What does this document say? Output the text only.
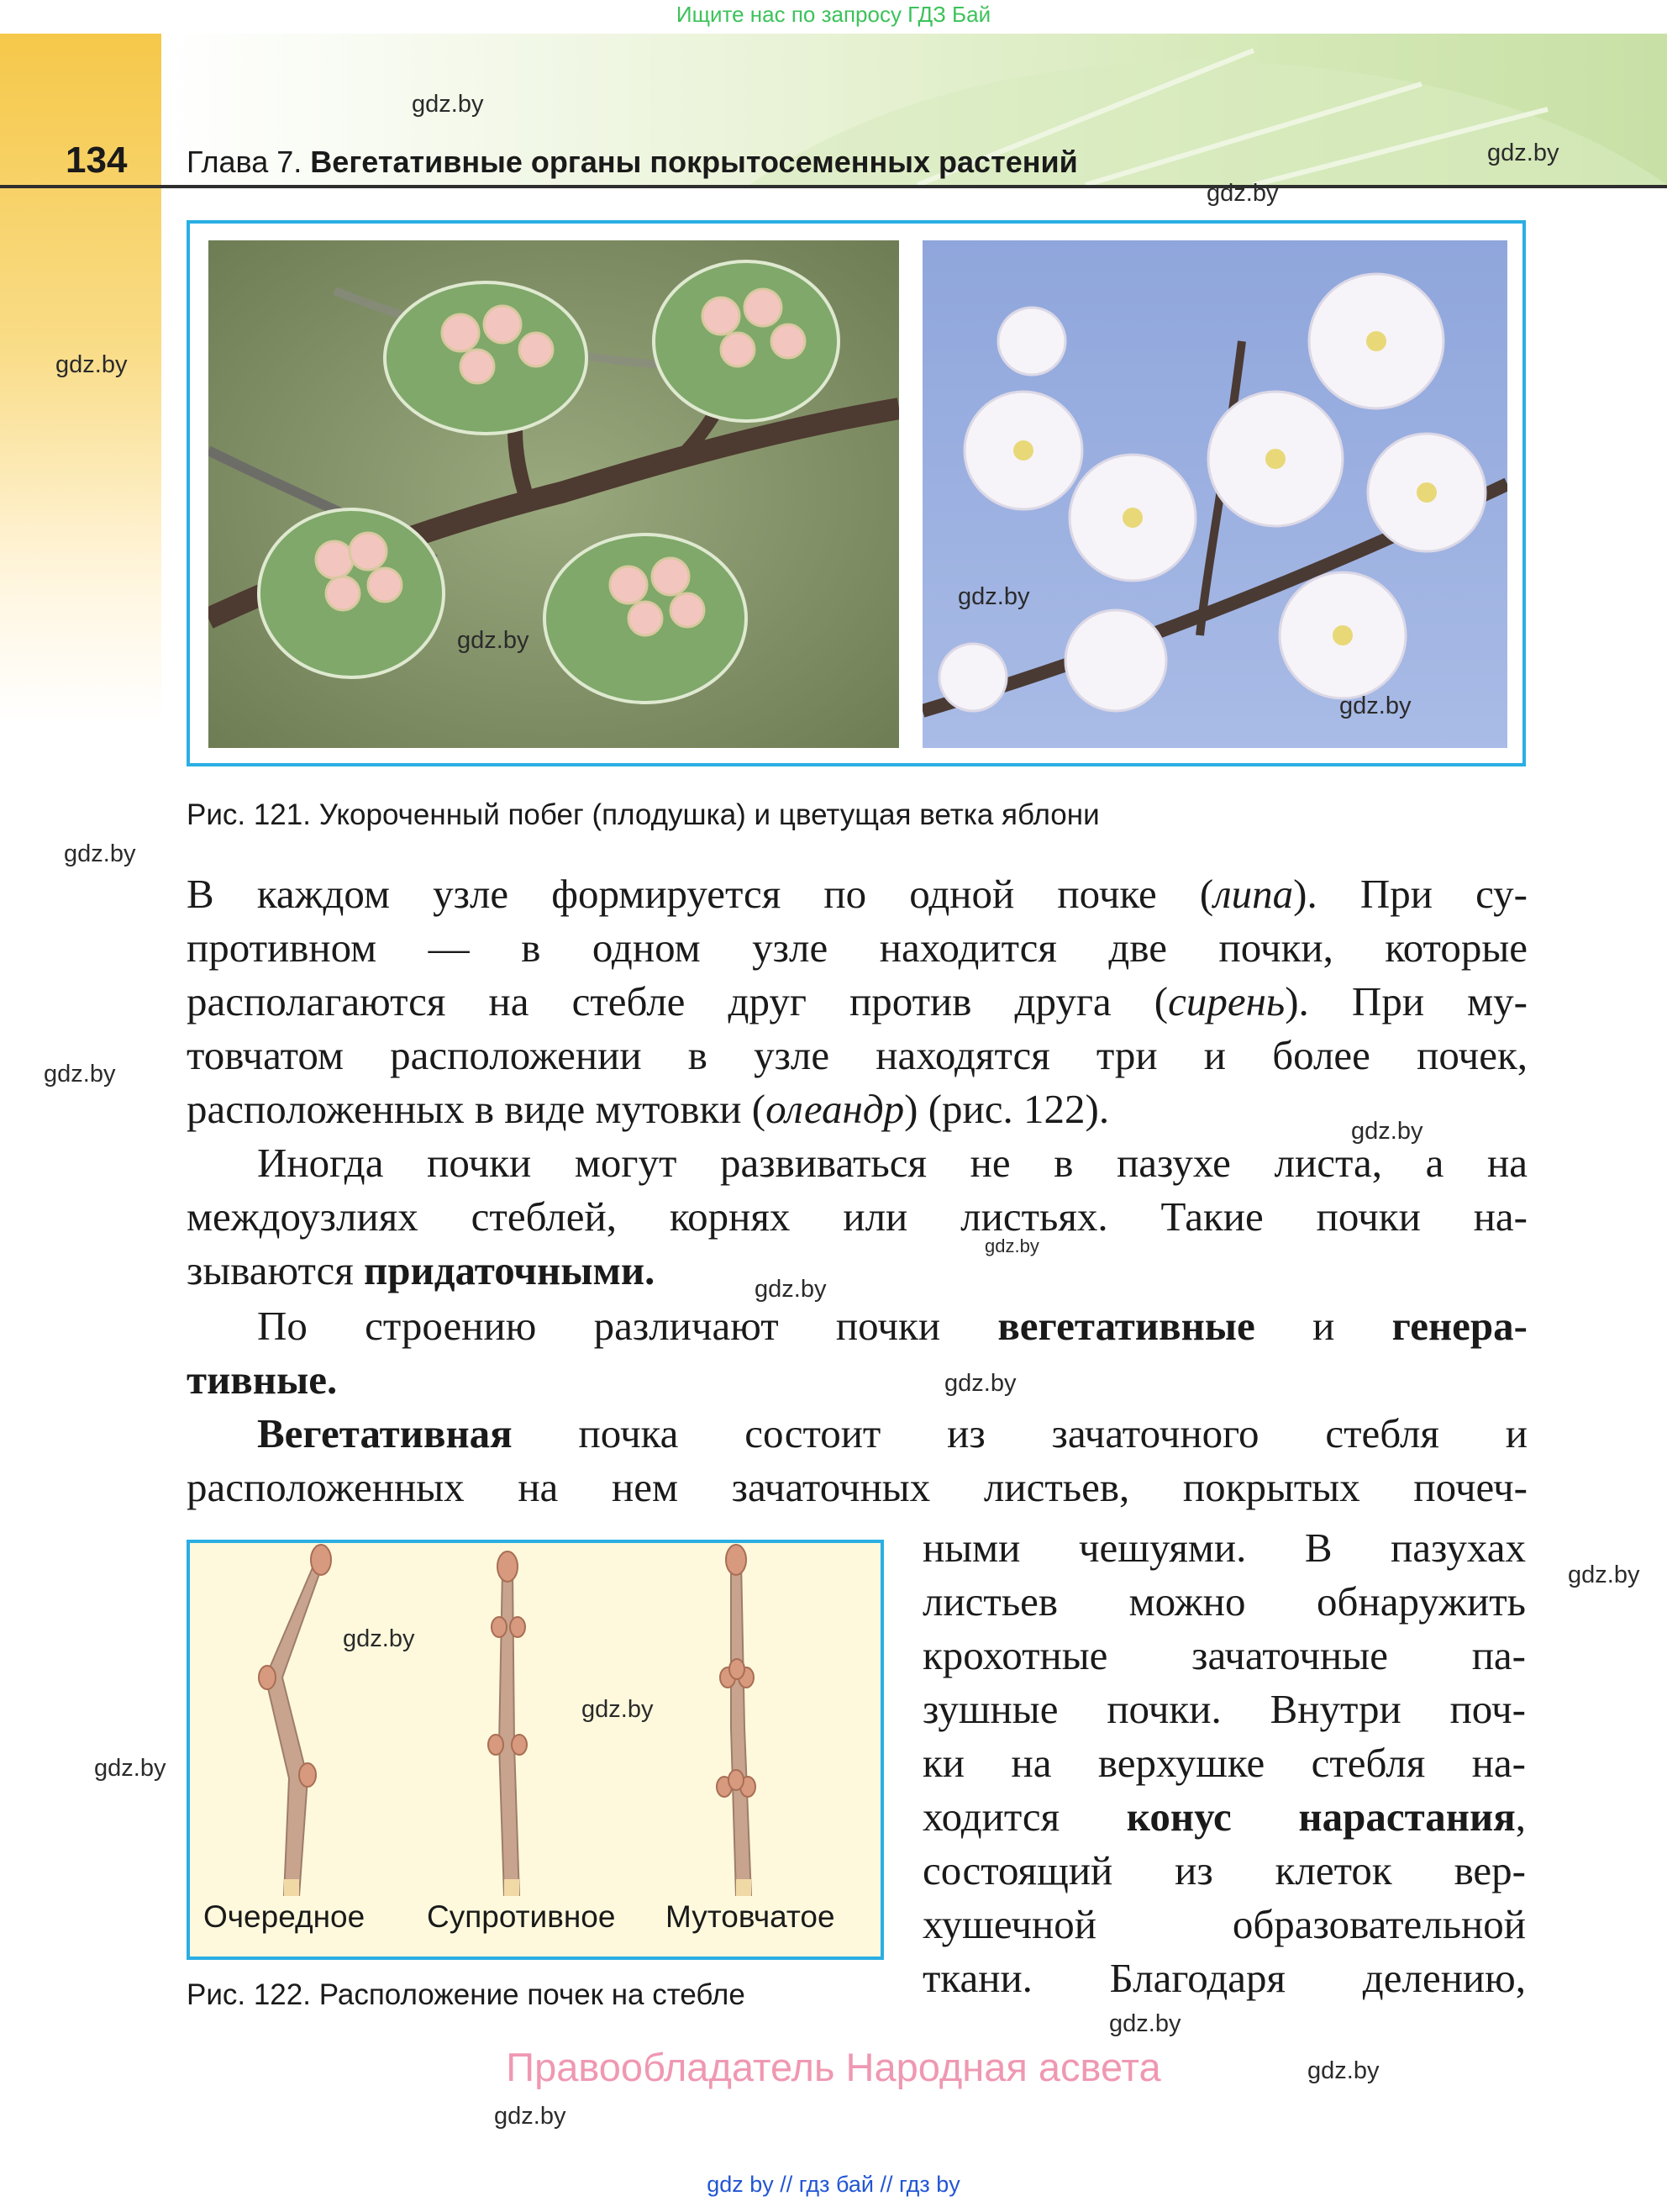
Ищите нас по запросу ГДЗ Бай
134 Глава 7. Вегетативные органы покрытосеменных растений
Рис. 121. Укороченный побег (плодушка) и цветущая ветка яблони
В каждом узле формируется по одной почке (липа). При су-
противном — в одном узле находится две почки, которые
располагаются на стебле друг против друга (сирень). При му-
товчатом расположении в узле находятся три и более почек,
расположенных в виде мутовки (олеандр) (рис. 122).
Иногда почки могут развиваться не в пазухе листа, а на
междоузлиях стеблей, корнях или листьях. Такие почки на-
зываются придаточными.
По строению различают почки вегетативные и генера-
тивные.
Вегетативная почка состоит из зачаточного стебля и
расположенных на нем зачаточных листьев, покрытых почеч-
Очередное Супротивное Мутовчатое
Рис. 122. Расположение почек на стебле
ными чешуями. В пазухах
листьев можно обнаружить
крохотные зачаточные па-
зушные почки. Внутри поч-
ки на верхушке стебля на-
ходится конус нарастания,
состоящий из клеток вер-
хушечной образовательной
ткани. Благодаря делению,
Правообладатель Народная асвета
gdz by // гдз бай // гдз by
gdz.by
gdz.by
gdz.by
gdz.by
gdz.by
gdz.by
gdz.by
gdz.by
gdz.by
gdz.by
gdz.by
gdz.by
gdz.by
gdz.by
gdz.by
gdz.by
gdz.by
gdz.by
gdz.by
gdz.by
